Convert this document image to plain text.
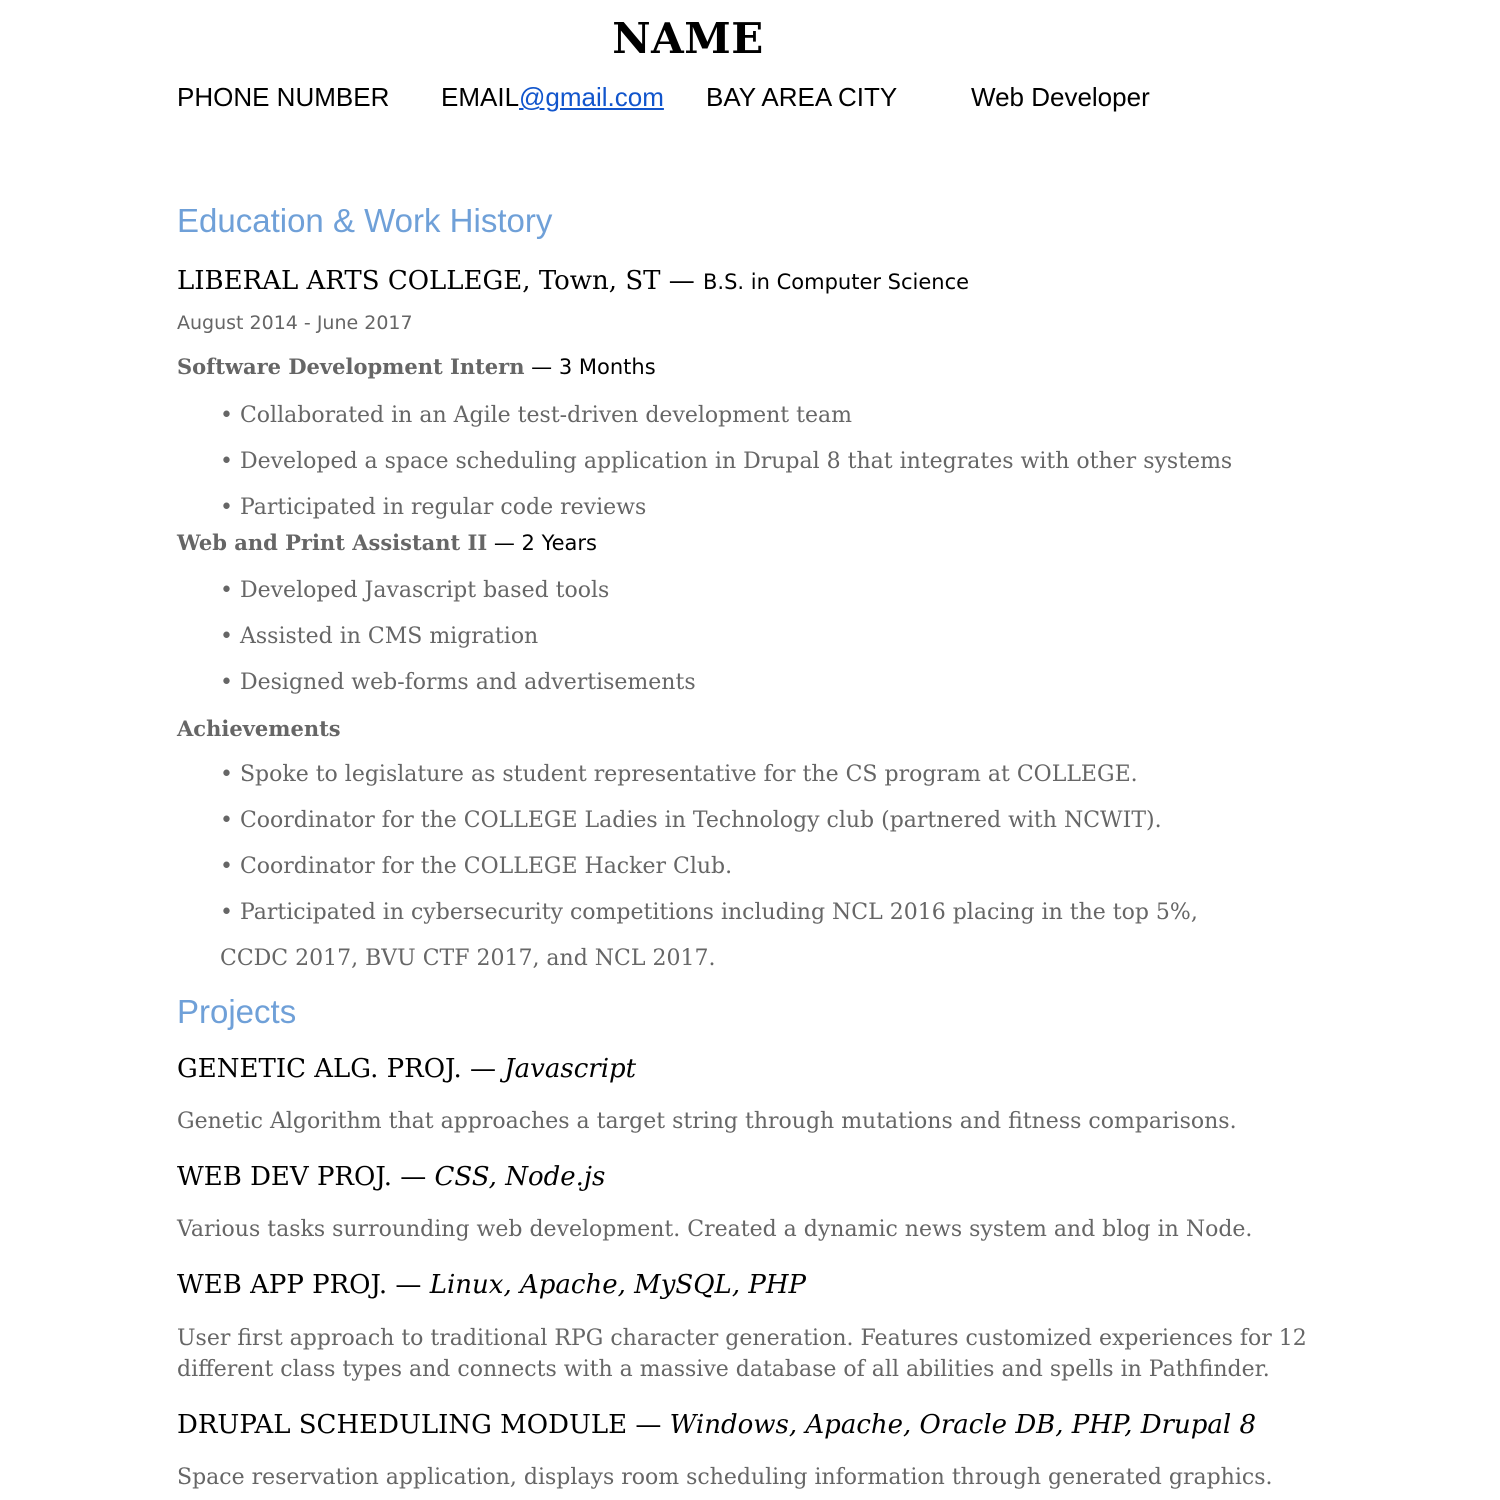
NAME
PHONE NUMBER EMAIL@gmail.com BAY AREA CITY	Web Developer
Education & Work History
LIBERAL ARTS COLLEGE, Town, ST — B.S. in Computer Science
August 2014 - June 2017
Software Development Intern — 3 Months
• Collaborated in an Agile test-driven development team
• Developed a space scheduling application in Drupal 8 that integrates with other systems
• Participated in regular code reviews
Web and Print Assistant II — 2 Years
• Developed Javascript based tools
• Assisted in CMS migration
• Designed web-forms and advertisements
Achievements
• Spoke to legislature as student representative for the CS program at COLLEGE.
• Coordinator for the COLLEGE Ladies in Technology club (partnered with NCWIT).
• Coordinator for the COLLEGE Hacker Club.
• Participated in cybersecurity competitions including NCL 2016 placing in the top 5%,
CCDC 2017, BVU CTF 2017, and NCL 2017.
Projects
GENETIC ALG. PROJ. — Javascript
Genetic Algorithm that approaches a target string through mutations and fitness comparisons.
WEB DEV PROJ. — CSS, Node.js
Various tasks surrounding web development. Created a dynamic news system and blog in Node.
WEB APP PROJ. — Linux, Apache, MySQL, PHP
User first approach to traditional RPG character generation. Features customized experiences for 12
different class types and connects with a massive database of all abilities and spells in Pathfinder.
DRUPAL SCHEDULING MODULE — Windows, Apache, Oracle DB, PHP, Drupal 8
Space reservation application, displays room scheduling information through generated graphics.
